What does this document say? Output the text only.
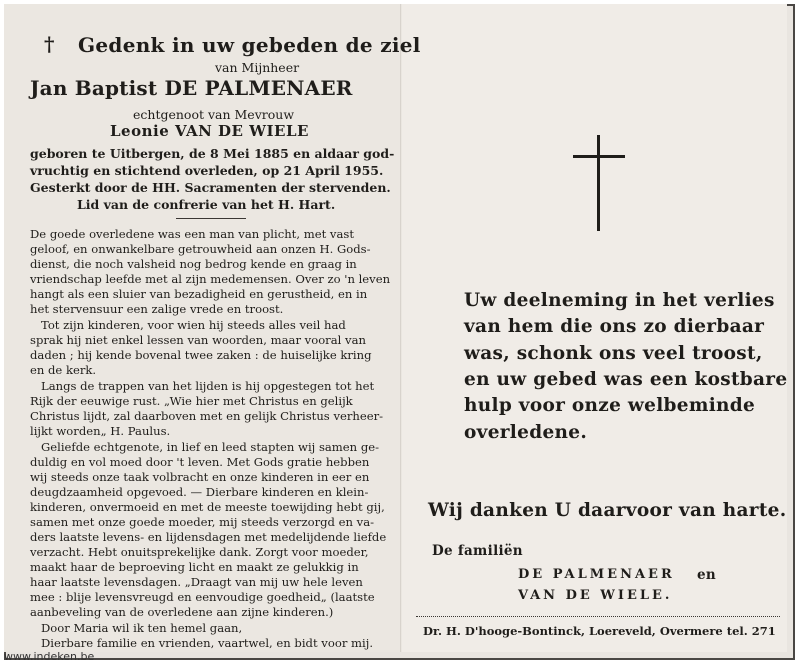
† Gedenk in uw gebeden de ziel
van Mijnheer
Jan Baptist DE PALMENAER
echtgenoot van Mevrouw
Leonie VAN DE WIELE
geboren te Uitbergen, de 8 Mei 1885 en aldaar god-
vruchtig en stichtend overleden, op 21 April 1955.
Gesterkt door de HH. Sacramenten der stervenden.
Lid van de confrerie van het H. Hart.
De goede overledene was een man van plicht, met vast
geloof, en onwankelbare getrouwheid aan onzen H. Gods-
dienst, die noch valsheid nog bedrog kende en graag in
vriendschap leefde met al zijn medemensen. Over zo 'n leven
hangt als een sluier van bezadigheid en gerustheid, en in
het stervensuur een zalige vrede en troost.
Tot zijn kinderen, voor wien hij steeds alles veil had
sprak hij niet enkel lessen van woorden, maar vooral van
daden ; hij kende bovenal twee zaken : de huiselijke kring
en de kerk.
Langs de trappen van het lijden is hij opgestegen tot het
Rijk der eeuwige rust. „Wie hier met Christus en gelijk
Christus lijdt, zal daarboven met en gelijk Christus verheer-
lijkt worden„ H. Paulus.
Geliefde echtgenote, in lief en leed stapten wij samen ge-
duldig en vol moed door 't leven. Met Gods gratie hebben
wij steeds onze taak volbracht en onze kinderen in eer en
deugdzaamheid opgevoed. — Dierbare kinderen en klein-
kinderen, onvermoeid en met de meeste toewijding hebt gij,
samen met onze goede moeder, mij steeds verzorgd en va-
ders laatste levens- en lijdensdagen met medelijdende liefde
verzacht. Hebt onuitsprekelijke dank. Zorgt voor moeder,
maakt haar de beproeving licht en maakt ze gelukkig in
haar laatste levensdagen. „Draagt van mij uw hele leven
mee : blije levensvreugd en eenvoudige goedheid„ (laatste
aanbeveling van de overledene aan zijne kinderen.)
Door Maria wil ik ten hemel gaan,
Dierbare familie en vrienden, vaartwel, en bidt voor mij.
Uw deelneming in het verlies
van hem die ons zo dierbaar
was, schonk ons veel troost,
en uw gebed was een kostbare
hulp voor onze welbeminde
overledene.
Wij danken U daarvoor van harte.
De familiën
DE PALMENAER en
VAN DE WIELE.
Dr. H. D'hooge-Bontinck, Loereveld, Overmere tel. 271
www.indeken.be
